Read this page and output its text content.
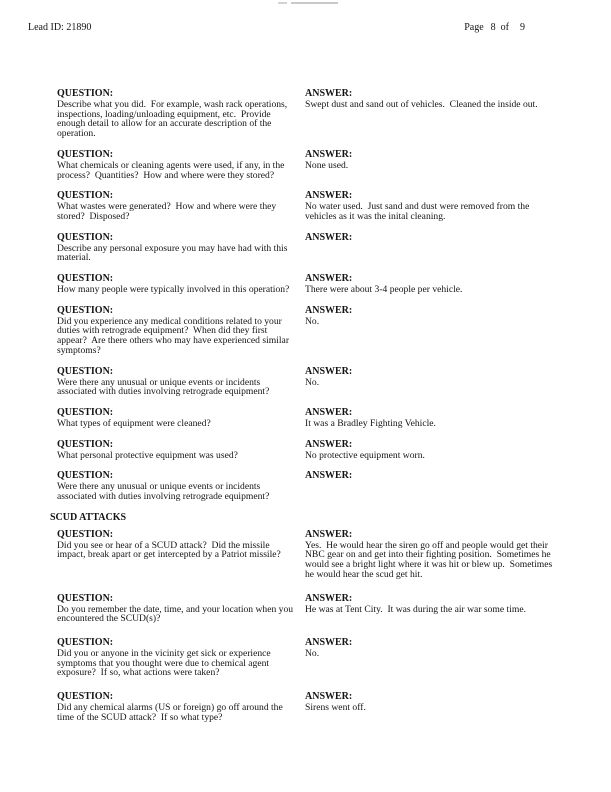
Lead ID: 21890	Page 8 of 9
QUESTION:
Describe what you did.  For example, wash rack operations, inspections, loading/unloading equipment, etc.  Provide enough detail to allow for an accurate description of the operation.
ANSWER:
Swept dust and sand out of vehicles.  Cleaned the inside out.
QUESTION:
What chemicals or cleaning agents were used, if any, in the process?  Quantities?  How and where were they stored?
ANSWER:
None used.
QUESTION:
What wastes were generated?  How and where were they stored?  Disposed?
ANSWER:
No water used.  Just sand and dust were removed from the vehicles as it was the inital cleaning.
QUESTION:
Describe any personal exposure you may have had with this material.
ANSWER:
QUESTION:
How many people were typically involved in this operation?
ANSWER:
There were about 3-4 people per vehicle.
QUESTION:
Did you experience any medical conditions related to your duties with retrograde equipment?  When did they first appear?  Are there others who may have experienced similar symptoms?
ANSWER:
No.
QUESTION:
Were there any unusual or unique events or incidents associated with duties involving retrograde equipment?
ANSWER:
No.
QUESTION:
What types of equipment were cleaned?
ANSWER:
It was a Bradley Fighting Vehicle.
QUESTION:
What personal protective equipment was used?
ANSWER:
No protective equipment worn.
QUESTION:
Were there any unusual or unique events or incidents associated with duties involving retrograde equipment?
ANSWER:
SCUD ATTACKS
QUESTION:
Did you see or hear of a SCUD attack?  Did the missile impact, break apart or get intercepted by a Patriot missile?
ANSWER:
Yes.  He would hear the siren go off and people would get their NBC gear on and get into their fighting position.  Sometimes he would see a bright light where it was hit or blew up.  Sometimes he would hear the scud get hit.
QUESTION:
Do you remember the date, time, and your location when you encountered the SCUD(s)?
ANSWER:
He was at Tent City.  It was during the air war some time.
QUESTION:
Did you or anyone in the vicinity get sick or experience symptoms that you thought were due to chemical agent exposure?  If so, what actions were taken?
ANSWER:
No.
QUESTION:
Did any chemical alarms (US or foreign) go off around the time of the SCUD attack?  If so what type?
ANSWER:
Sirens went off.
